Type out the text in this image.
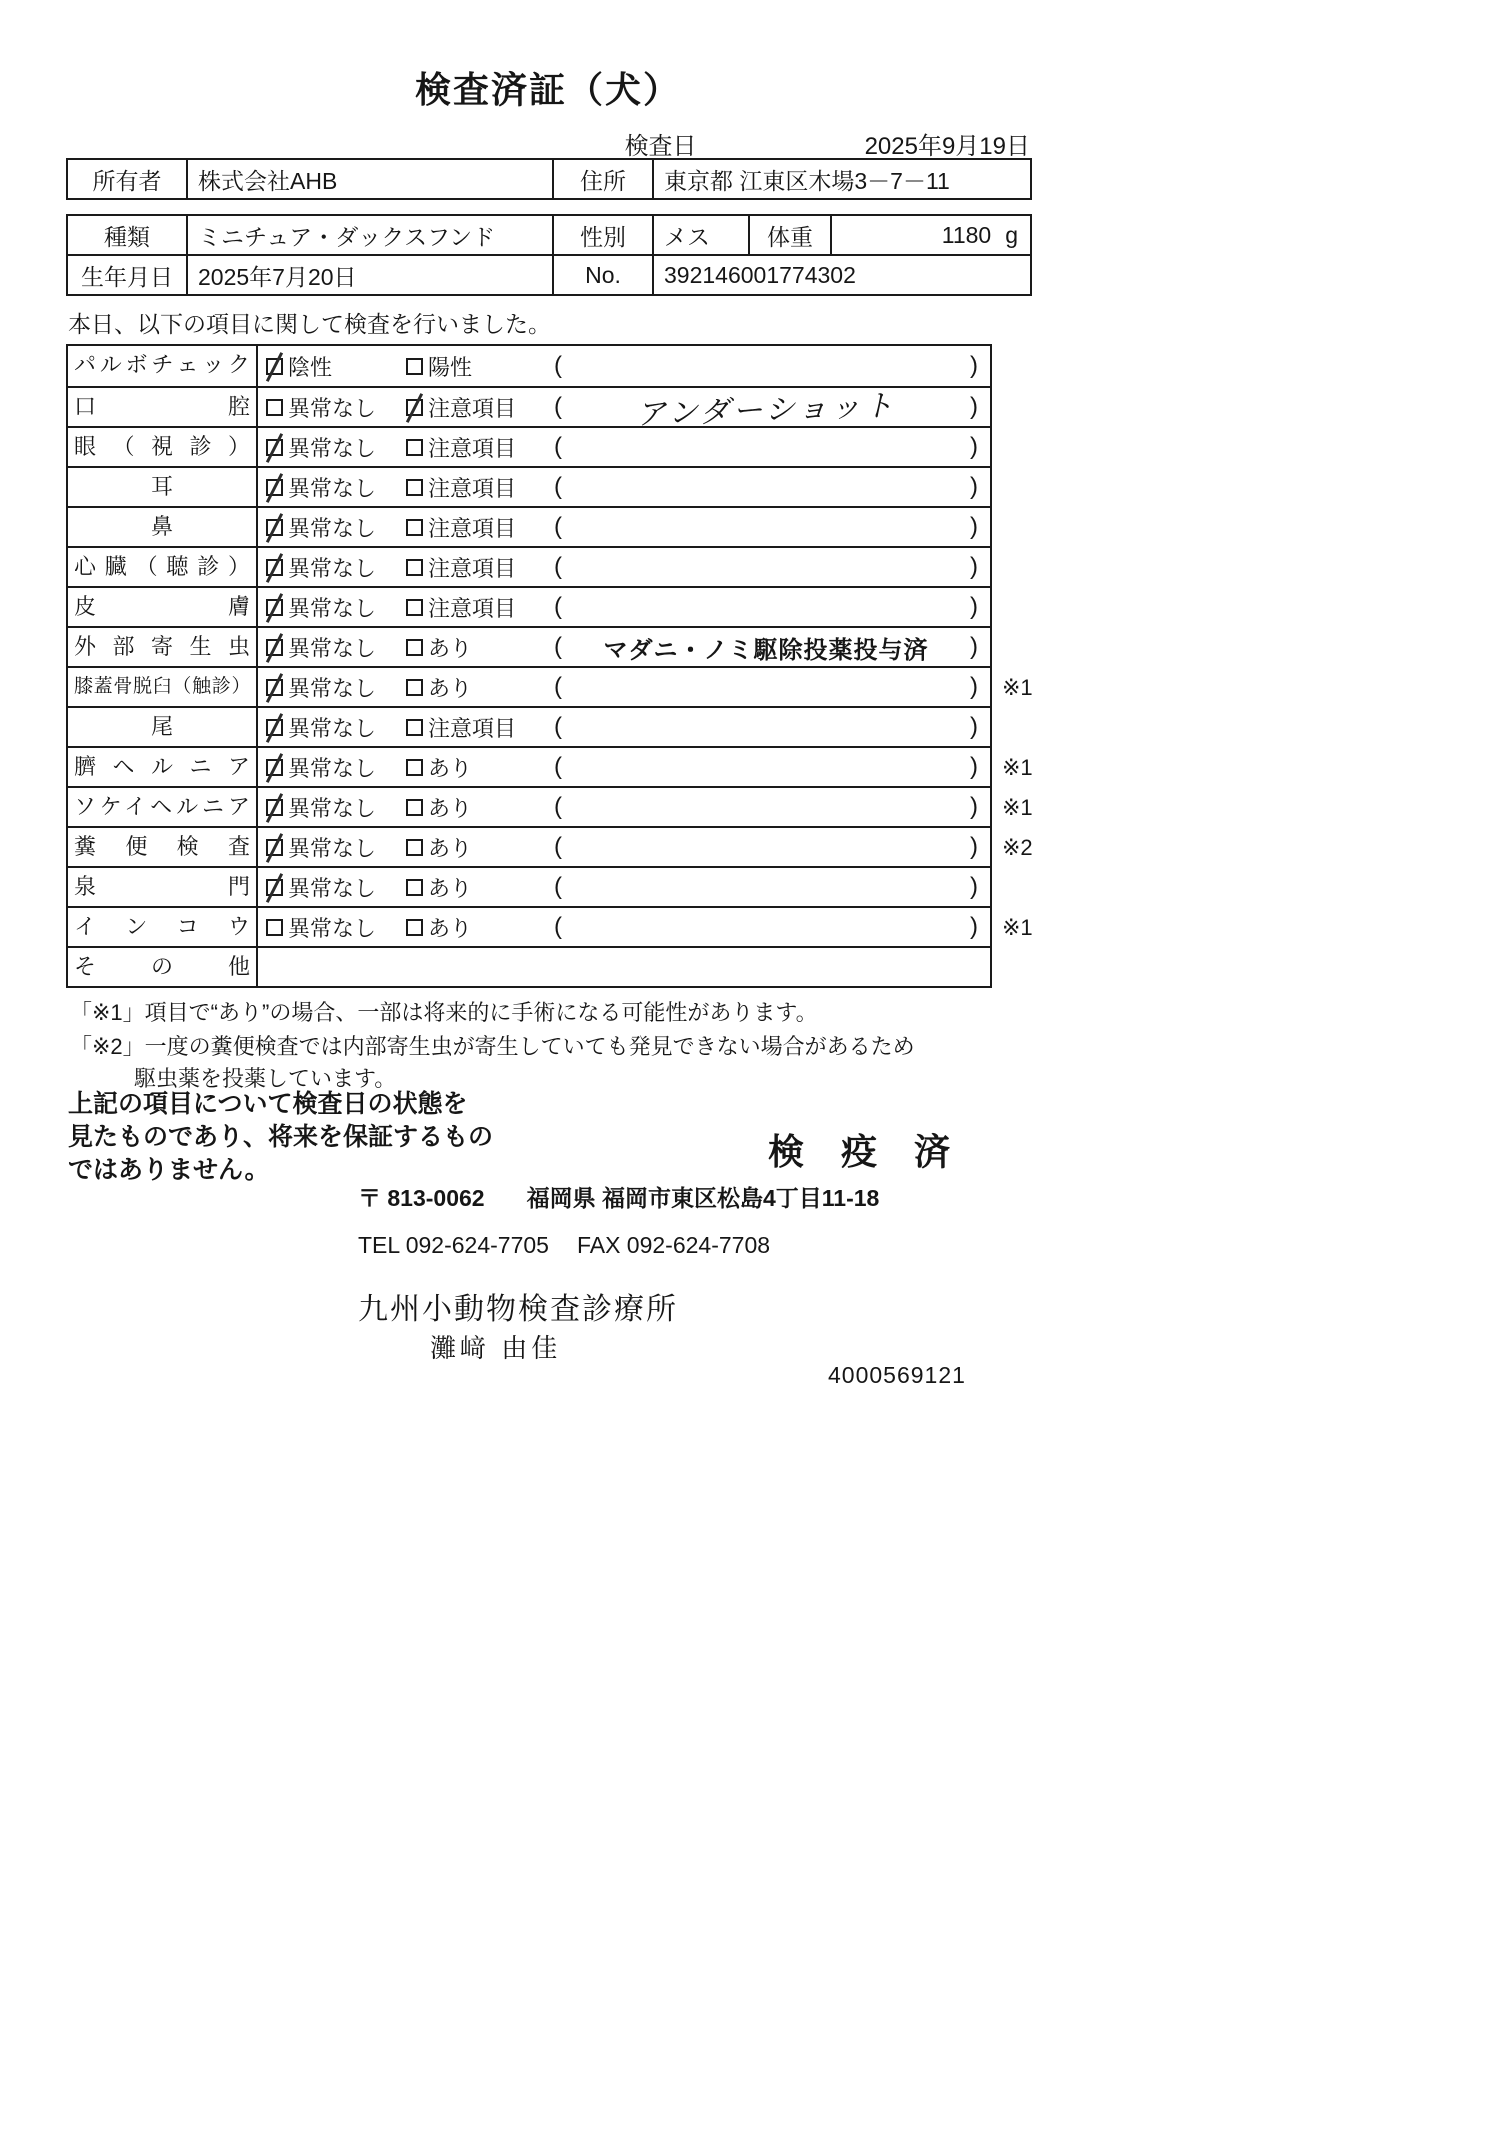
検査済証（犬）
検査日	2025年9月19日
所有者	株式会社AHB	住所	東京都 江東区木場3－7－11
種類	ミニチュア・ダックスフンド	性別	メス	体重	1180 g
生年月日	2025年7月20日	No.	392146001774302
本日、以下の項目に関して検査を行いました。
パルボチェック	陰性	陽性	(	)
口腔	異常なし 注意項目 (	アンダーショット	)
眼（視診）	異常なし 注意項目 (	)
耳	異常なし 注意項目 (	)
鼻	異常なし 注意項目 (	)
心臓（聴診）	異常なし 注意項目 (	)
皮膚	異常なし 注意項目 (	)
外部寄生虫	異常なし あり	(	マダニ・ノミ駆除投薬投与済	)
膝蓋骨脱臼（触診）	異常なし あり	(	)	※1
尾	異常なし 注意項目 (	)
臍ヘルニア	異常なし あり	(	)	※1
ソケイヘルニア	異常なし あり	(	)	※1
糞便検査	異常なし あり	(	)	※2
泉門	異常なし あり	(	)
インコウ	異常なし あり	(	)	※1
その他
「※1」項目で“あり”の場合、一部は将来的に手術になる可能性があります。
「※2」一度の糞便検査では内部寄生虫が寄生していても発見できない場合があるため
駆虫薬を投薬しています。
上記の項目について検査日の状態を
見たものであり、将来を保証するもの
ではありません。	検 疫 済
〒 813-0062 福岡県 福岡市東区松島4丁目11-18
TEL 092-624-7705 FAX 092-624-7708
九州小動物検査診療所
灘﨑 由佳
4000569121
